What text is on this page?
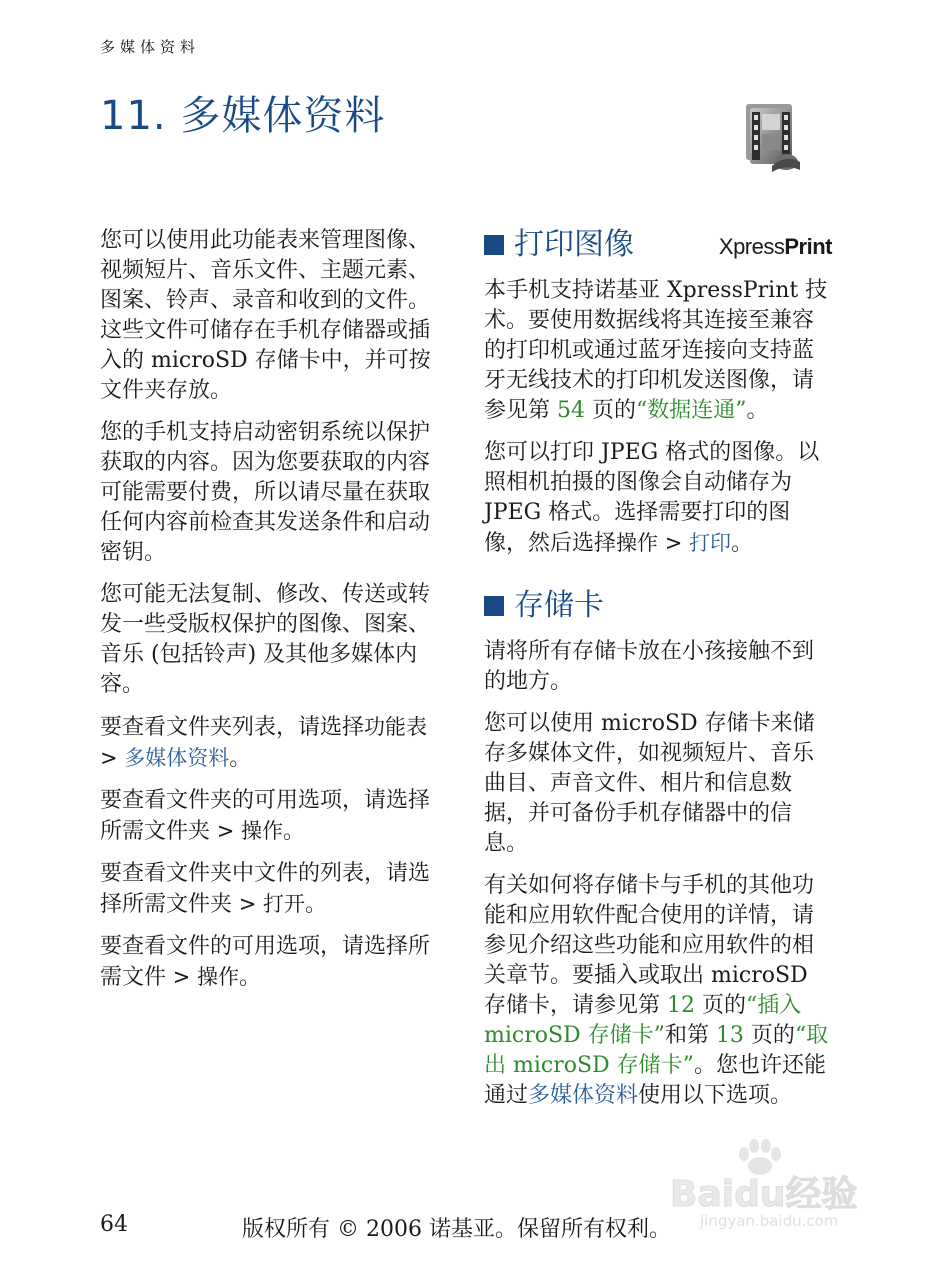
多媒体资料
11. 多媒体资料

您可以使用此功能表来管理图像、视频短片、音乐文件、主题元素、图案、铃声、录音和收到的文件。这些文件可储存在手机存储器或插入的 microSD 存储卡中，并可按文件夹存放。

您的手机支持启动密钥系统以保护获取的内容。因为您要获取的内容可能需要付费，所以请尽量在获取任何内容前检查其发送条件和启动密钥。

您可能无法复制、修改、传送或转发一些受版权保护的图像、图案、音乐 (包括铃声) 及其他多媒体内容。

要查看文件夹列表，请选择功能表 > 多媒体资料。

要查看文件夹的可用选项，请选择所需文件夹 > 操作。

要查看文件夹中文件的列表，请选择所需文件夹 > 打开。

要查看文件的可用选项，请选择所需文件 > 操作。

打印图像	XpressPrint

本手机支持诺基亚 XpressPrint 技术。要使用数据线将其连接至兼容的打印机或通过蓝牙连接向支持蓝牙无线技术的打印机发送图像，请参见第 54 页的“数据连通”。

您可以打印 JPEG 格式的图像。以照相机拍摄的图像会自动储存为 JPEG 格式。选择需要打印的图像，然后选择操作 > 打印。

存储卡

请将所有存储卡放在小孩接触不到的地方。

您可以使用 microSD 存储卡来储存多媒体文件，如视频短片、音乐曲目、声音文件、相片和信息数据，并可备份手机存储器中的信息。

有关如何将存储卡与手机的其他功能和应用软件配合使用的详情，请参见介绍这些功能和应用软件的相关章节。要插入或取出 microSD 存储卡，请参见第 12 页的“插入 microSD 存储卡”和第 13 页的“取出 microSD 存储卡”。您也许还能通过多媒体资料使用以下选项。

Baidu经验
jingyan.baidu.com
64	版权所有 © 2006 诺基亚。保留所有权利。
